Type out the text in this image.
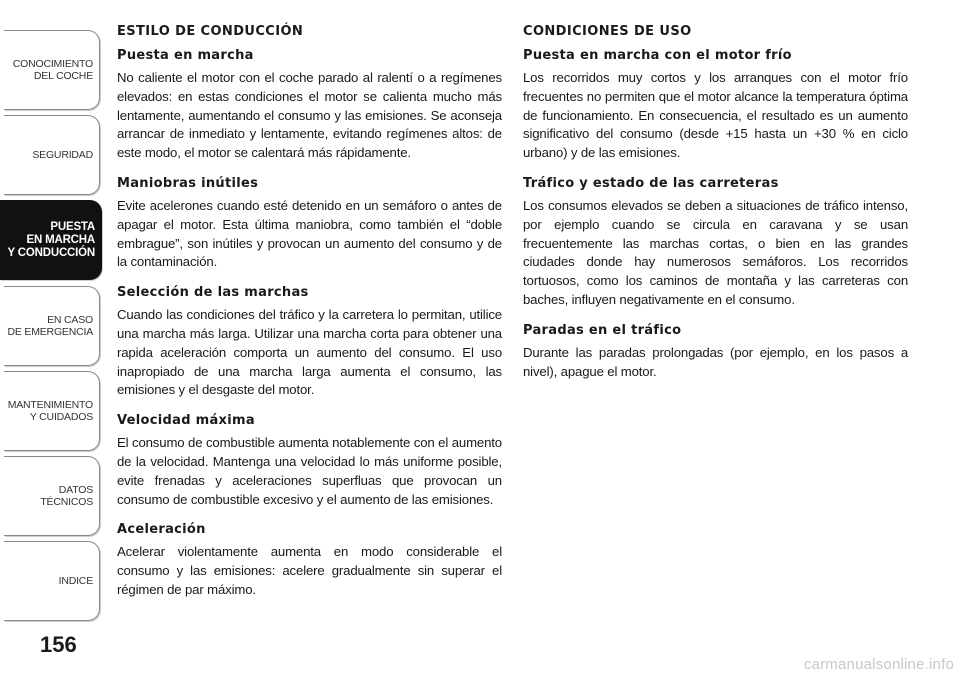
CONOCIMIENTO
DEL COCHE
SEGURIDAD
PUESTA
EN MARCHA
Y CONDUCCIÓN
EN CASO
DE EMERGENCIA
MANTENIMIENTO
Y CUIDADOS
DATOS TÉCNICOS
INDICE
156
ESTILO DE CONDUCCIÓN
Puesta en marcha
No caliente el motor con el coche parado al ralentí o a regímenes elevados: en estas condiciones el motor se calienta mucho más lentamente, aumentando el consumo y las emisiones. Se aconseja arrancar de inmediato y lentamente, evitando regímenes altos: de este modo, el motor se calentará más rápidamente.
Maniobras inútiles
Evite acelerones cuando esté detenido en un semáforo o antes de apagar el motor. Esta última maniobra, como también el “doble embrague”, son inútiles y provocan un aumento del consumo y de la contaminación.
Selección de las marchas
Cuando las condiciones del tráfico y la carretera lo permitan, utilice una marcha más larga. Utilizar una marcha corta para obtener una rapida aceleración comporta un aumento del consumo. El uso inapropiado de una marcha larga aumenta el consumo, las emisiones y el desgaste del motor.
Velocidad máxima
El consumo de combustible aumenta notablemente con el aumento de la velocidad. Mantenga una velocidad lo más uniforme posible, evite frenadas y aceleraciones superfluas que provocan un consumo de combustible excesivo y el aumento de las emisiones.
Aceleración
Acelerar violentamente aumenta en modo considerable el consumo y las emisiones: acelere gradualmente sin superar el régimen de par máximo.
CONDICIONES DE USO
Puesta en marcha con el motor frío
Los recorridos muy cortos y los arranques con el motor frío frecuentes no permiten que el motor alcance la temperatura óptima de funcionamiento. En consecuencia, el resultado es un aumento significativo del consumo (desde +15 hasta un +30 % en ciclo urbano) y de las emisiones.
Tráfico y estado de las carreteras
Los consumos elevados se deben a situaciones de tráfico intenso, por ejemplo cuando se circula en caravana y se usan frecuentemente las marchas cortas, o bien en las grandes ciudades donde hay numerosos semáforos. Los recorridos tortuosos, como los caminos de montaña y las carreteras con baches, influyen negativamente en el consumo.
Paradas en el tráfico
Durante las paradas prolongadas (por ejemplo, en los pasos a nivel), apague el motor.
carmanualsonline.info
